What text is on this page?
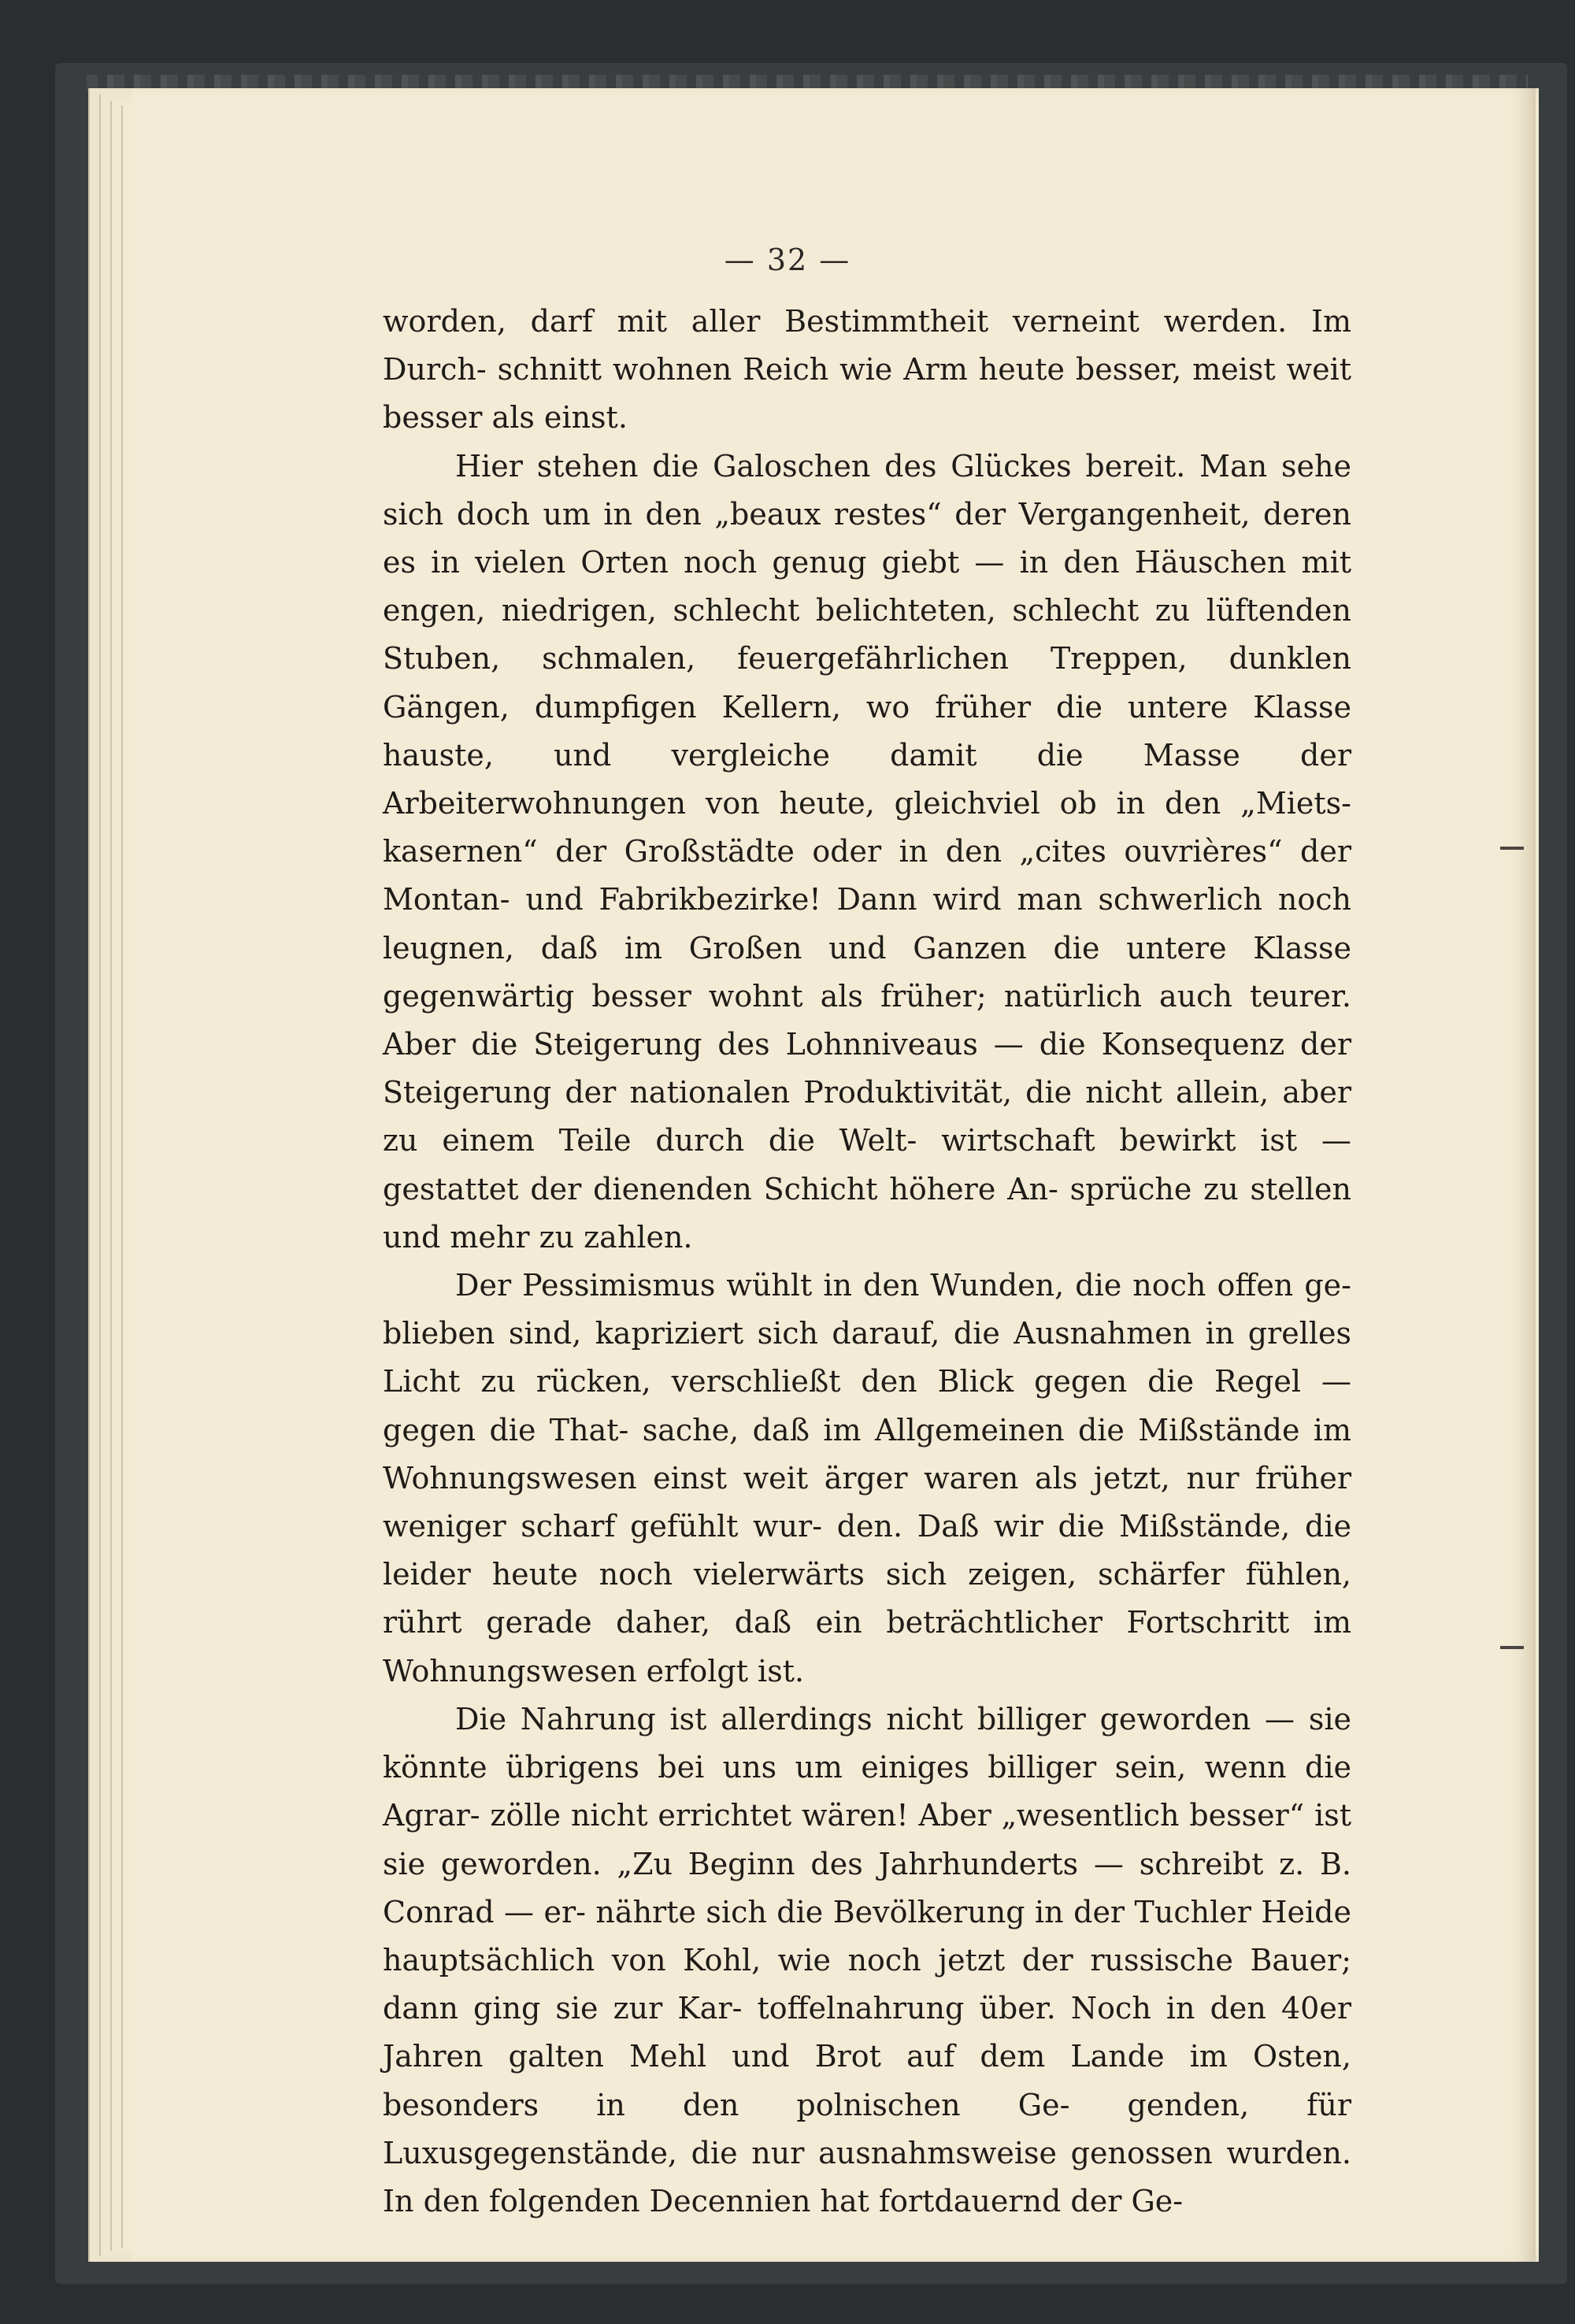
— 32 —

worden, darf mit aller Bestimmtheit verneint werden. Im Durch- schnitt wohnen Reich wie Arm heute besser, meist weit besser als einst.

Hier stehen die Galoschen des Glückes bereit. Man sehe sich doch um in den „beaux restes“ der Vergangenheit, deren es in vielen Orten noch genug giebt — in den Häuschen mit engen, niedrigen, schlecht belichteten, schlecht zu lüftenden Stuben, schmalen, feuergefährlichen Treppen, dunklen Gängen, dumpfigen Kellern, wo früher die untere Klasse hauste, und vergleiche damit die Masse der Arbeiterwohnungen von heute, gleichviel ob in den „Miets- kasernen“ der Großstädte oder in den „cites ouvrières“ der Montan- und Fabrikbezirke! Dann wird man schwerlich noch leugnen, daß im Großen und Ganzen die untere Klasse gegenwärtig besser wohnt als früher; natürlich auch teurer. Aber die Steigerung des Lohnniveaus — die Konsequenz der Steigerung der nationalen Produktivität, die nicht allein, aber zu einem Teile durch die Welt- wirtschaft bewirkt ist — gestattet der dienenden Schicht höhere An- sprüche zu stellen und mehr zu zahlen.

Der Pessimismus wühlt in den Wunden, die noch offen ge- blieben sind, kapriziert sich darauf, die Ausnahmen in grelles Licht zu rücken, verschließt den Blick gegen die Regel — gegen die That- sache, daß im Allgemeinen die Mißstände im Wohnungswesen einst weit ärger waren als jetzt, nur früher weniger scharf gefühlt wur- den. Daß wir die Mißstände, die leider heute noch vielerwärts sich zeigen, schärfer fühlen, rührt gerade daher, daß ein beträchtlicher Fortschritt im Wohnungswesen erfolgt ist.

Die Nahrung ist allerdings nicht billiger geworden — sie könnte übrigens bei uns um einiges billiger sein, wenn die Agrar- zölle nicht errichtet wären! Aber „wesentlich besser“ ist sie geworden. „Zu Beginn des Jahrhunderts — schreibt z. B. Conrad — er- nährte sich die Bevölkerung in der Tuchler Heide hauptsächlich von Kohl, wie noch jetzt der russische Bauer; dann ging sie zur Kar- toffelnahrung über. Noch in den 40er Jahren galten Mehl und Brot auf dem Lande im Osten, besonders in den polnischen Ge- genden, für Luxusgegenstände, die nur ausnahmsweise genossen wurden. In den folgenden Decennien hat fortdauernd der Ge-
